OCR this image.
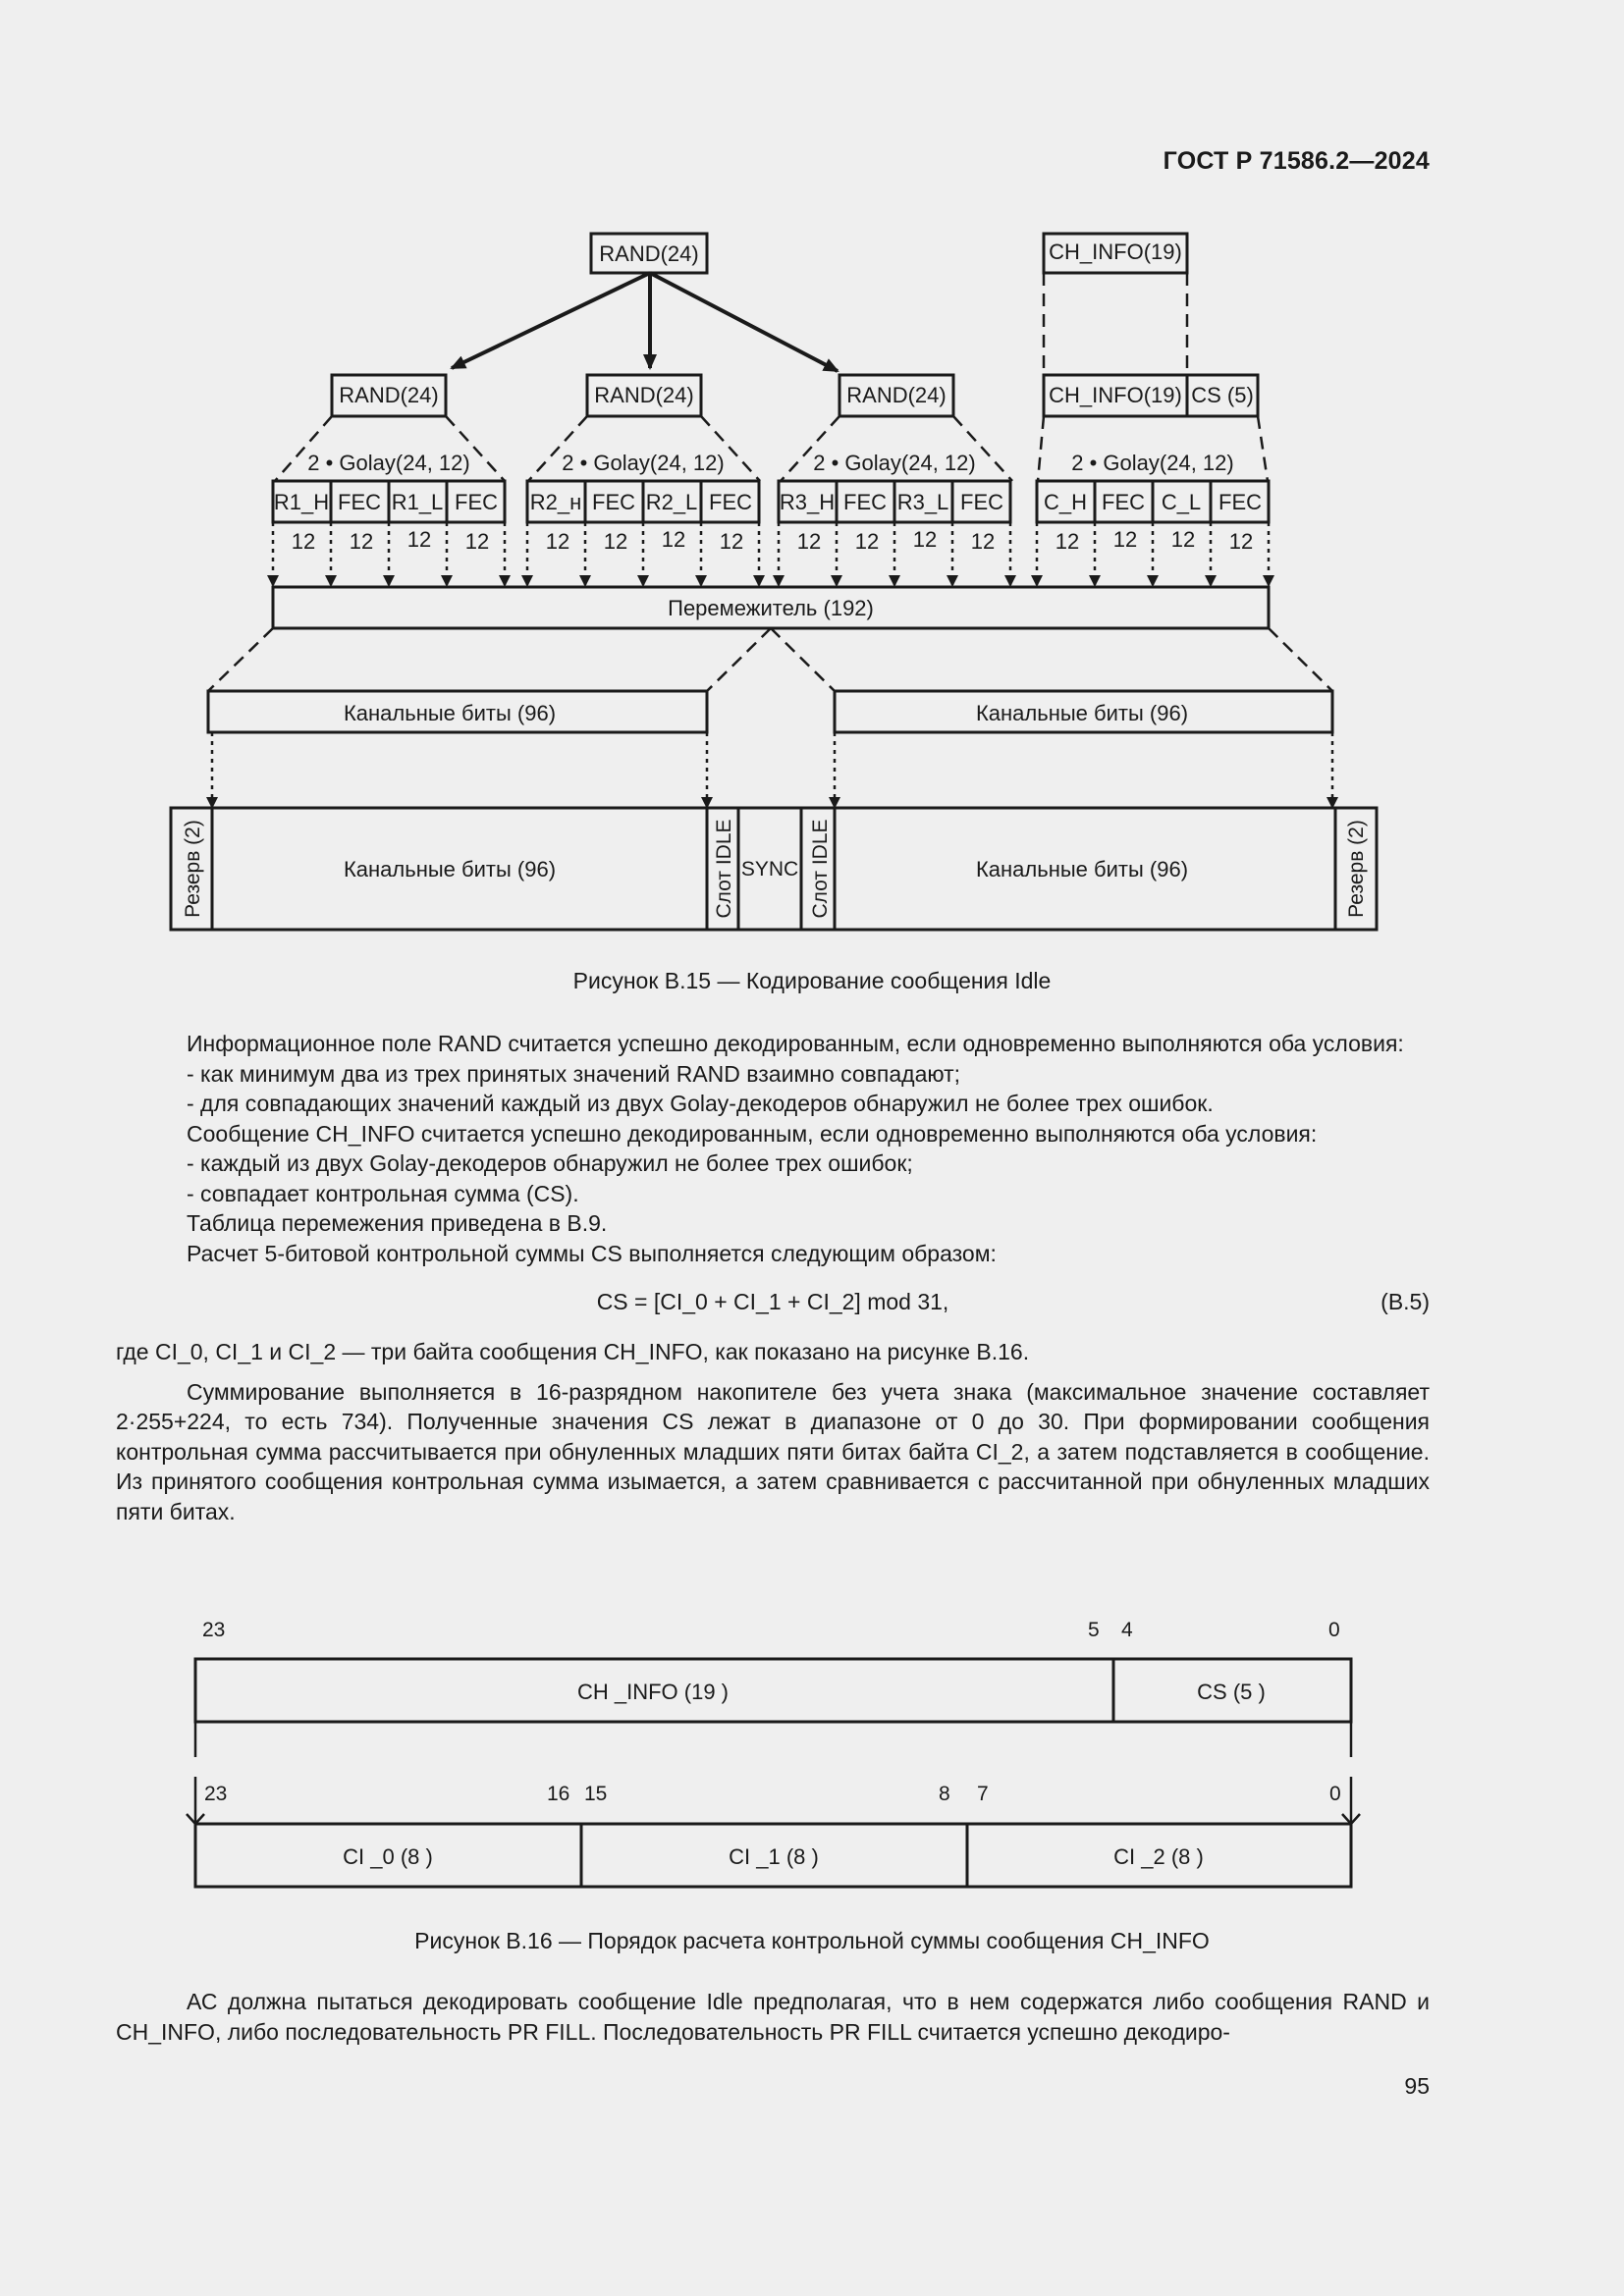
ГОСТ Р 71586.2—2024
RAND(24)	CH_INFO(19)
RAND(24)	RAND(24)	RAND(24)	CH_INFO(19) CS (5)
2 • Golay(24, 12)	2 • Golay(24, 12)	2 • Golay(24, 12)	2 • Golay(24, 12)
R1_H FEC R1_L FEC R2_н FEC R2_L FEC R3_H FEC R3_L FEC C_H FEC C_L FEC
12 12 12 12	12 12 12 12 12 12 12 12	12 12 12 12
Перемежитель (192)
Канальные биты (96)	Канальные биты (96)
Канальные биты (96)	Канальные биты (96)
SYNC
Резерв (2)	Слот IDLE	Слот IDLE	Резерв (2)
23	5 4	0
23	16 15	8 7	0
CH _INFO (19 )	CS (5 )
CI _0 (8 )	CI _1 (8 )	CI _2 (8 )
Рисунок В.15 — Кодирование сообщения Idle

Информационное поле RAND считается успешно декодированным, если одновременно выполняются оба условия:

- как минимум два из трех принятых значений RAND взаимно совпадают;

- для совпадающих значений каждый из двух Golay-декодеров обнаружил не более трех ошибок.

Сообщение CH_INFO считается успешно декодированным, если одновременно выполняются оба условия:

- каждый из двух Golay-декодеров обнаружил не более трех ошибок;

- совпадает контрольная сумма (CS).

Таблица перемежения приведена в В.9.

Расчет 5-битовой контрольной суммы CS выполняется следующим образом:

CS = [CI_0 + CI_1 + CI_2] mod 31,	(В.5)

где CI_0, CI_1 и CI_2 — три байта сообщения CH_INFO, как показано на рисунке В.16.

Суммирование выполняется в 16-разрядном накопителе без учета знака (максимальное значение составляет 2·255+224, то есть 734). Полученные значения CS лежат в диапазоне от 0 до 30. При формировании сообщения контрольная сумма рассчитывается при обнуленных младших пяти битах байта CI_2, а затем подставляется в сообщение. Из принятого сообщения контрольная сумма изымается, а затем сравнивается с рассчитанной при обнуленных младших пяти битах.

Рисунок В.16 — Порядок расчета контрольной суммы сообщения CH_INFO

АС должна пытаться декодировать сообщение Idle предполагая, что в нем содержатся либо сообщения RAND и CH_INFO, либо последовательность PR FILL. Последовательность PR FILL считается успешно декодиро-

95
